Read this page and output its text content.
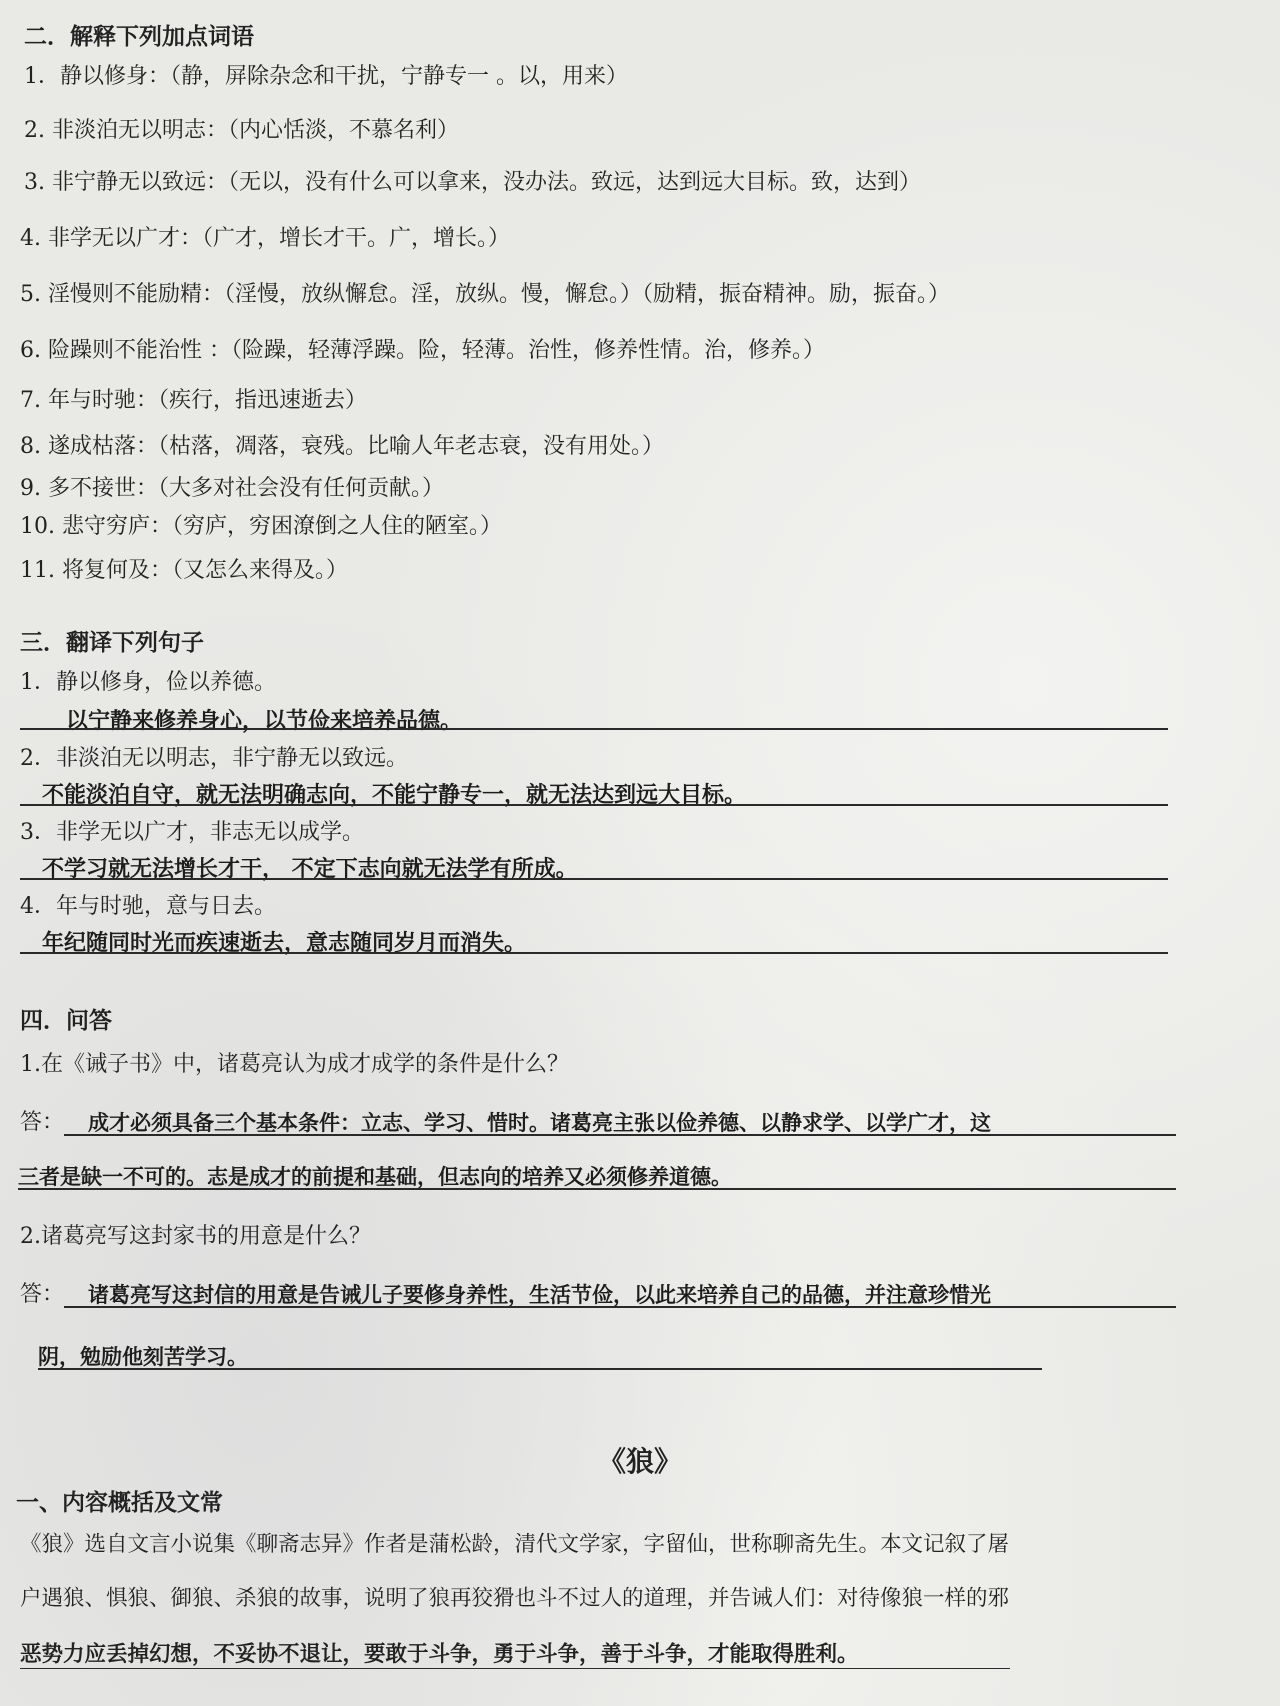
二．解释下列加点词语
1．静以修身：（静，屏除杂念和干扰，宁静专一 。以，用来）
2. 非淡泊无以明志：（内心恬淡，不慕名利）
3. 非宁静无以致远：（无以，没有什么可以拿来，没办法。致远，达到远大目标。致，达到）
4. 非学无以广才：（广才，增长才干。广，增长。）
5. 淫慢则不能励精：（淫慢，放纵懈怠。淫，放纵。慢，懈怠。）（励精，振奋精神。励，振奋。）
6. 险躁则不能治性 ：（险躁，轻薄浮躁。险，轻薄。治性，修养性情。治，修养。）
7. 年与时驰：（疾行，指迅速逝去）
8. 遂成枯落：（枯落，凋落，衰残。比喻人年老志衰，没有用处。）
9. 多不接世：（大多对社会没有任何贡献。）
10. 悲守穷庐：（穷庐，穷困潦倒之人住的陋室。）
11. 将复何及：（又怎么来得及。）
三．翻译下列句子
1．静以修身，俭以养德。
以宁静来修养身心，以节俭来培养品德。
2．非淡泊无以明志，非宁静无以致远。
不能淡泊自守，就无法明确志向，不能宁静专一，就无法达到远大目标。
3．非学无以广才，非志无以成学。
不学习就无法增长才干， 不定下志向就无法学有所成。
4．年与时驰，意与日去。
年纪随同时光而疾速逝去，意志随同岁月而消失。
四．问答
1.在《诫子书》中，诸葛亮认为成才成学的条件是什么？
答： 成才必须具备三个基本条件：立志、学习、惜时。诸葛亮主张以俭养德、以静求学、以学广才，这
三者是缺一不可的。志是成才的前提和基础，但志向的培养又必须修养道德。
2.诸葛亮写这封家书的用意是什么？
答： 诸葛亮写这封信的用意是告诫儿子要修身养性，生活节俭，以此来培养自己的品德，并注意珍惜光
阴，勉励他刻苦学习。
《狼》
一、内容概括及文常
《狼》选自文言小说集《聊斋志异》作者是蒲松龄，清代文学家，字留仙，世称聊斋先生。本文记叙了屠
户遇狼、惧狼、御狼、杀狼的故事，说明了狼再狡猾也斗不过人的道理，并告诫人们：对待像狼一样的邪
恶势力应丢掉幻想，不妥协不退让，要敢于斗争，勇于斗争，善于斗争，才能取得胜利。
